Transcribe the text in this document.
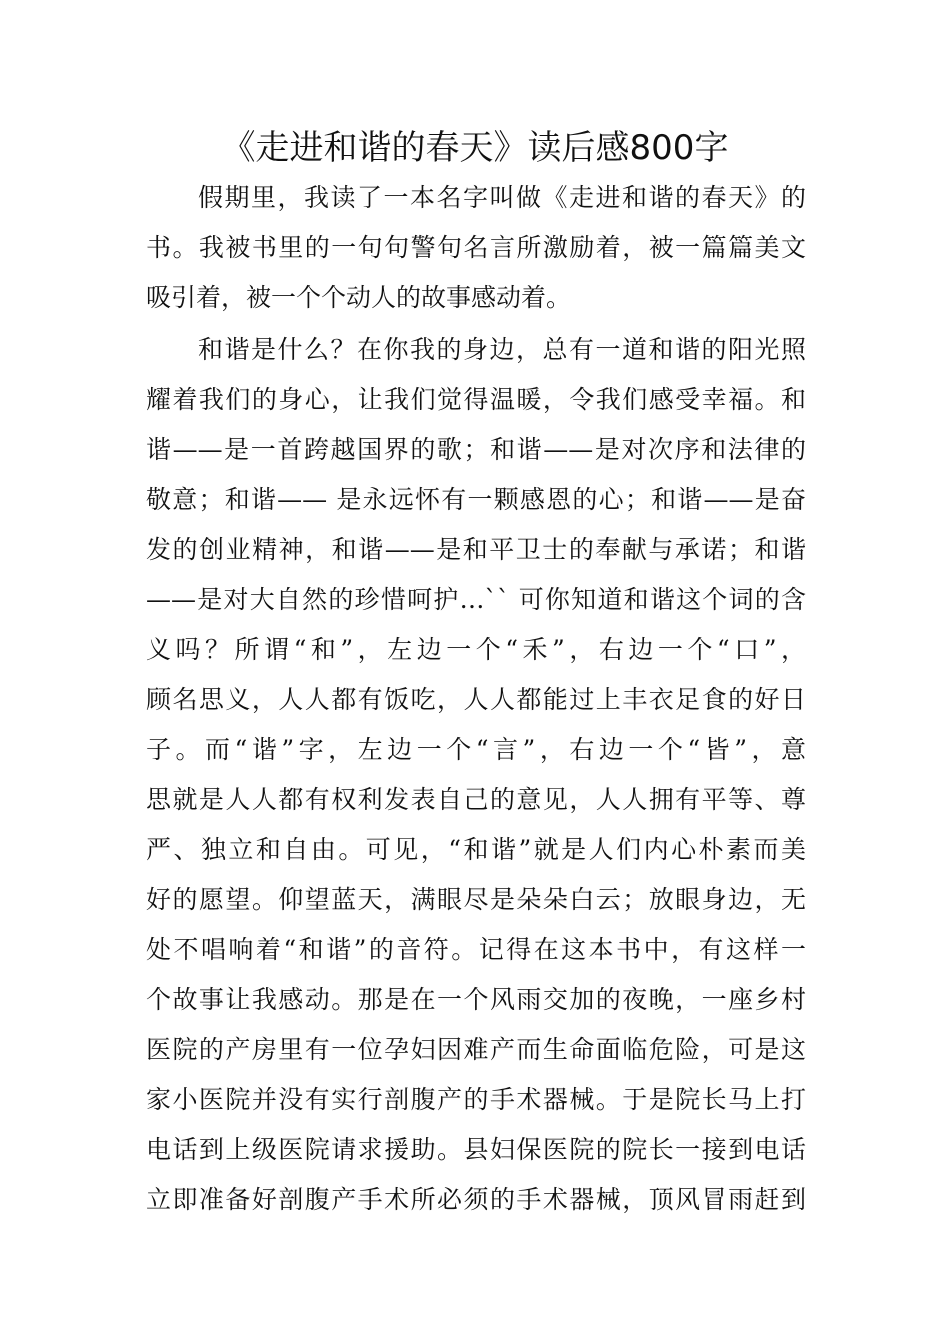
《走进和谐的春天》读后感800字

假期里，我读了一本名字叫做《走进和谐的春天》的

书。我被书里的一句句警句名言所激励着，被一篇篇美文

吸引着，被一个个动人的故事感动着。

和谐是什么？在你我的身边，总有一道和谐的阳光照

耀着我们的身心，让我们觉得温暖，令我们感受幸福。和

谐——是一首跨越国界的歌；和谐——是对次序和法律的

敬意；和谐—— 是永远怀有一颗感恩的心；和谐——是奋

发的创业精神，和谐——是和平卫士的奉献与承诺；和谐

——是对大自然的珍惜呵护…`` 可你知道和谐这个词的含

义吗？所谓“和”，左边一个“禾”，右边一个“口”，

顾名思义，人人都有饭吃，人人都能过上丰衣足食的好日

子。而“谐”字，左边一个“言”，右边一个“皆”，意

思就是人人都有权利发表自己的意见，人人拥有平等、尊

严、独立和自由。可见，“和谐”就是人们内心朴素而美

好的愿望。仰望蓝天，满眼尽是朵朵白云；放眼身边，无

处不唱响着“和谐”的音符。记得在这本书中，有这样一

个故事让我感动。那是在一个风雨交加的夜晚，一座乡村

医院的产房里有一位孕妇因难产而生命面临危险，可是这

家小医院并没有实行剖腹产的手术器械。于是院长马上打

电话到上级医院请求援助。县妇保医院的院长一接到电话

立即准备好剖腹产手术所必须的手术器械，顶风冒雨赶到
